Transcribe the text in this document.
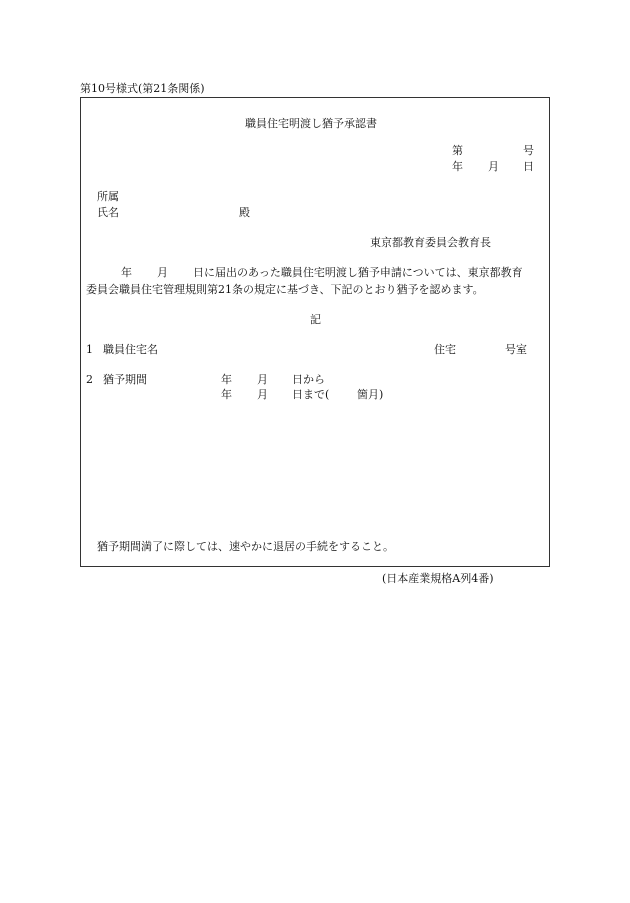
第10号様式(第21条関係)
職員住宅明渡し猶予承認書
第	号
年 月 日
所属
氏名	殿
東京都教育委員会教育長
年 月 日に届出のあった職員住宅明渡し猶予申請については、東京都教育
委員会職員住宅管理規則第21条の規定に基づき、下記のとおり猶予を認めます。
記
1 職員住宅名	住宅	号室
2 猶予期間	年 月 日から
年 月 日まで(	箇月)
猶予期間満了に際しては、速やかに退居の手続をすること。
(日本産業規格A列4番)
